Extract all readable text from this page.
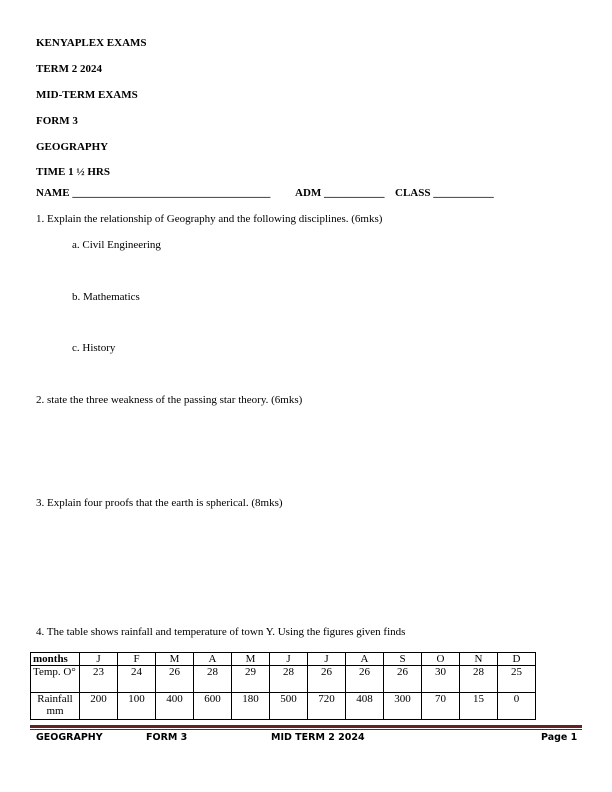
KENYAPLEX EXAMS
TERM 2 2024
MID-TERM EXAMS
FORM 3
GEOGRAPHY
TIME 1 ½ HRS
NAME ____________________________________ ADM ___________ CLASS ___________
1. Explain the relationship of Geography and the following disciplines. (6mks)
a. Civil Engineering
b. Mathematics
c. History
2. state the three weakness of the passing star theory. (6mks)
3. Explain four proofs that the earth is spherical. (8mks)
4. The table shows rainfall and temperature of town Y. Using the figures given finds
months	J	F	M	A	M	J	J	A	S	O	N	D
Temp. O°	23	24	26	28	29	28	26	26	26	30	28	25
Rainfall mm	200	100	400	600	180	500	720	408	300	70	15	0
GEOGRAPHY	FORM 3	MID TERM 2 2024	Page 1
